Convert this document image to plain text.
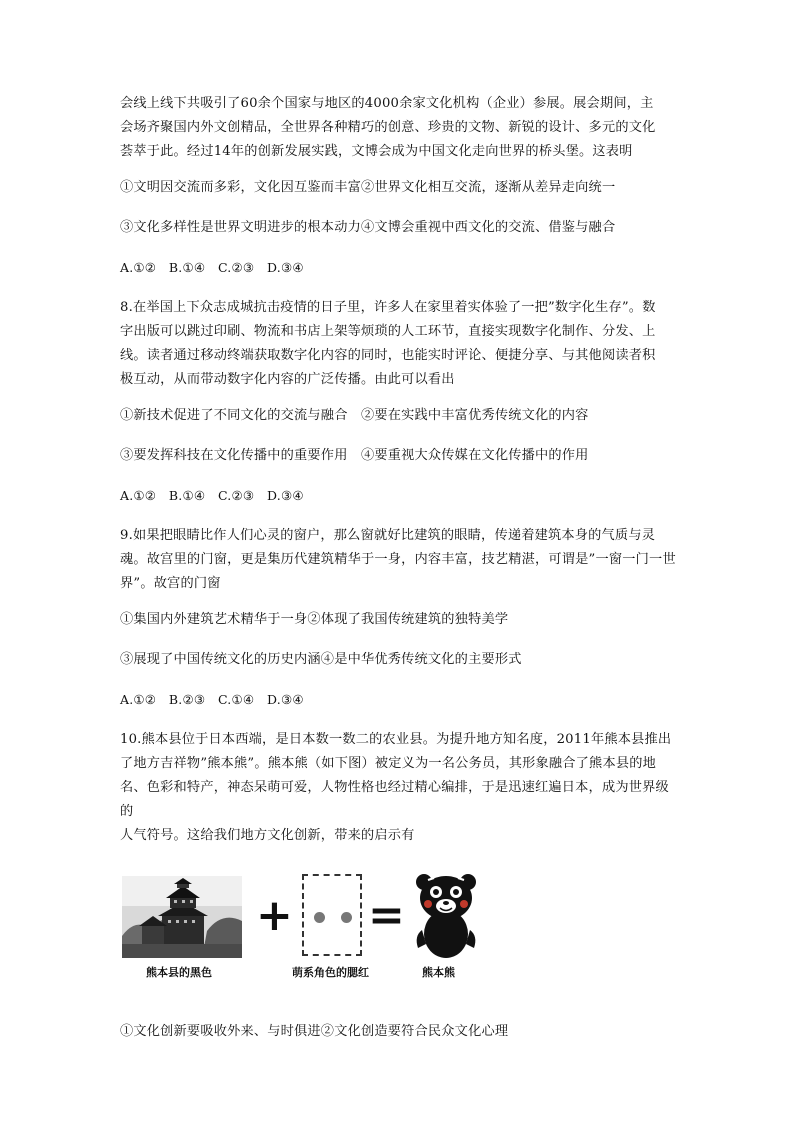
会线上线下共吸引了60余个国家与地区的4000余家文化机构（企业）参展。展会期间，主

会场齐聚国内外文创精品，全世界各种精巧的创意、珍贵的文物、新锐的设计、多元的文化

荟萃于此。经过14年的创新发展实践，文博会成为中国文化走向世界的桥头堡。这表明

①文明因交流而多彩，文化因互鉴而丰富②世界文化相互交流，逐渐从差异走向统一

③文化多样性是世界文明进步的根本动力④文博会重视中西文化的交流、借鉴与融合

A.①②　B.①④　C.②③　D.③④

8.在举国上下众志成城抗击疫情的日子里，许多人在家里着实体验了一把”数字化生存”。数

字出版可以跳过印刷、物流和书店上架等烦琐的人工环节，直接实现数字化制作、分发、上

线。读者通过移动终端获取数字化内容的同时，也能实时评论、便捷分享、与其他阅读者积

极互动，从而带动数字化内容的广泛传播。由此可以看出

①新技术促进了不同文化的交流与融合　②要在实践中丰富优秀传统文化的内容

③要发挥科技在文化传播中的重要作用　④要重视大众传媒在文化传播中的作用

A.①②　B.①④　C.②③　D.③④

9.如果把眼睛比作人们心灵的窗户，那么窗就好比建筑的眼睛，传递着建筑本身的气质与灵

魂。故宫里的门窗，更是集历代建筑精华于一身，内容丰富，技艺精湛，可谓是”一窗一门一世

界”。故宫的门窗

①集国内外建筑艺术精华于一身②体现了我国传统建筑的独特美学

③展现了中国传统文化的历史内涵④是中华优秀传统文化的主要形式

A.①②　B.②③　C.①④　D.③④

10.熊本县位于日本西端，是日本数一数二的农业县。为提升地方知名度，2011年熊本县推出

了地方吉祥物”熊本熊”。熊本熊（如下图）被定义为一名公务员，其形象融合了熊本县的地

名、色彩和特产，神态呆萌可爱，人物性格也经过精心编排，于是迅速红遍日本，成为世界级的

人气符号。这给我们地方文化创新，带来的启示有

+ =
熊本县的黑色	萌系角色的腮红	熊本熊

①文化创新要吸收外来、与时俱进②文化创造要符合民众文化心理
